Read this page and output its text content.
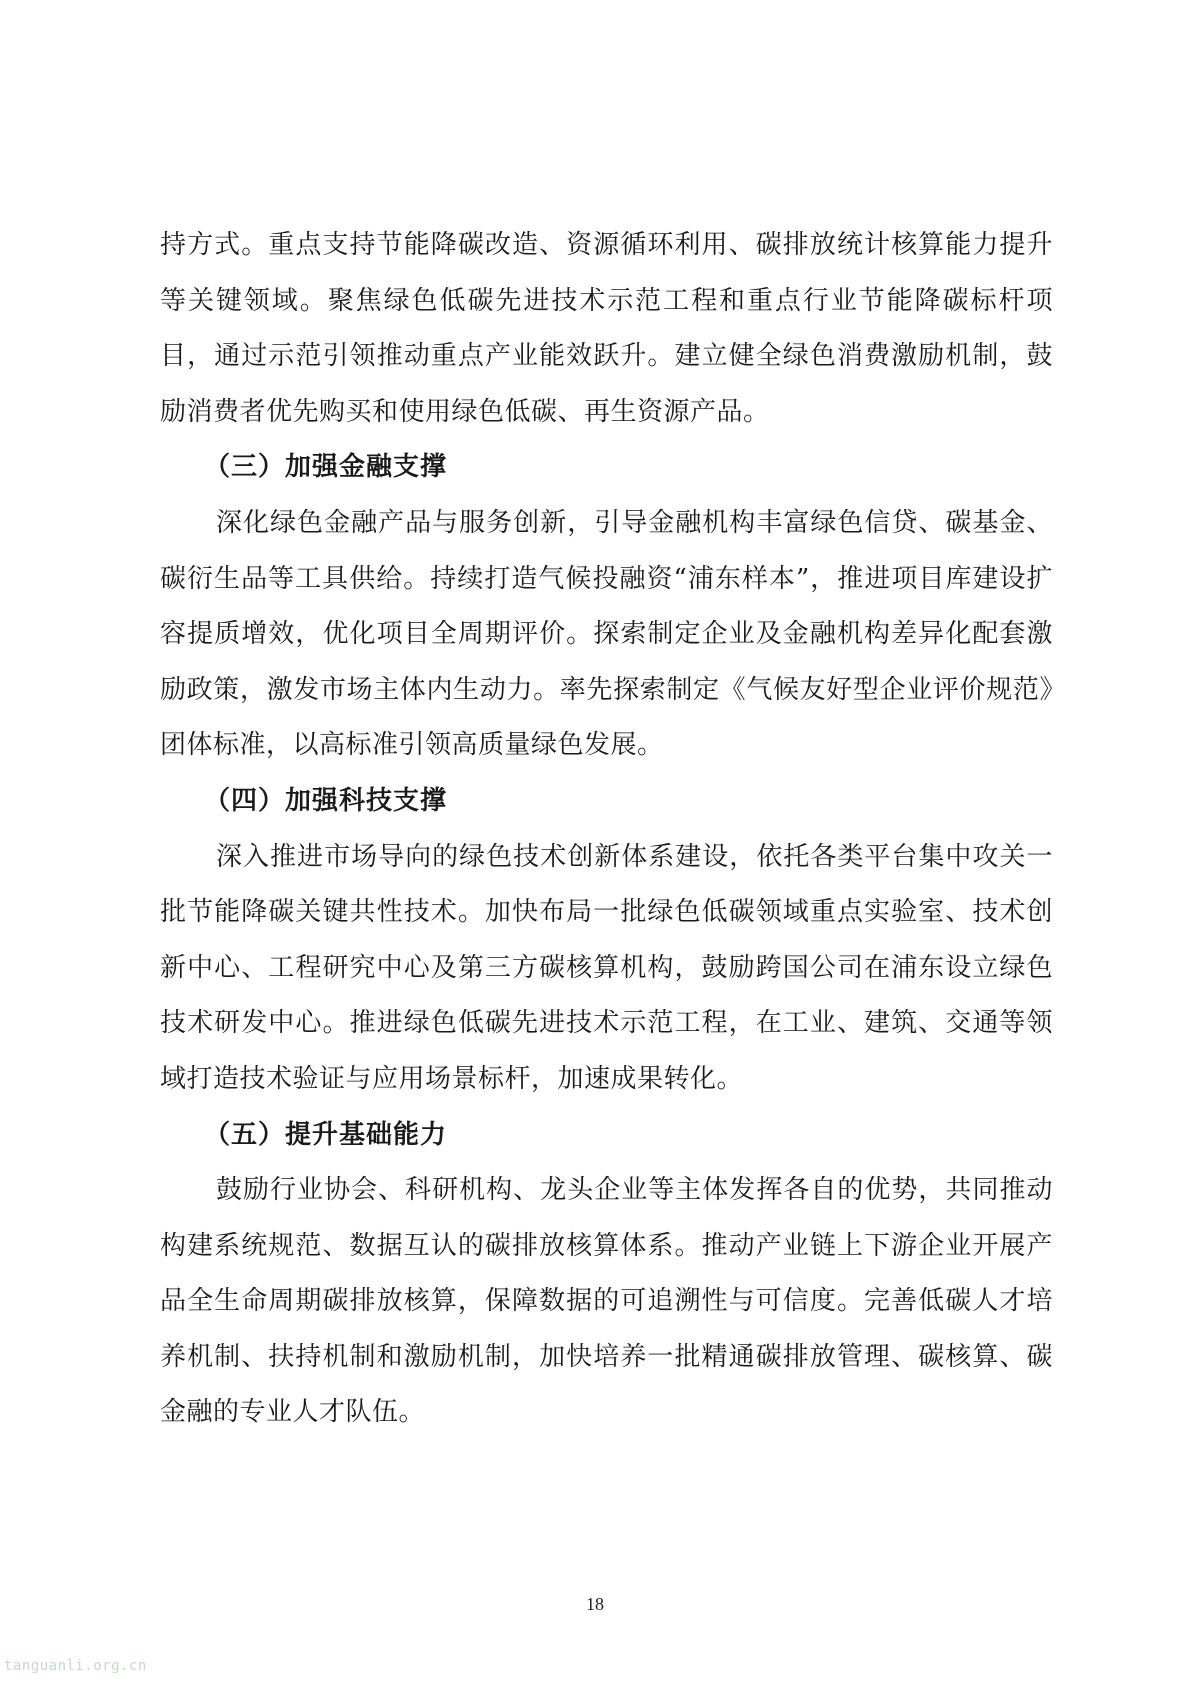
持方式。重点支持节能降碳改造、资源循环利用、碳排放统计核算能力提升等关键领域。聚焦绿色低碳先进技术示范工程和重点行业节能降碳标杆项目，通过示范引领推动重点产业能效跃升。建立健全绿色消费激励机制，鼓励消费者优先购买和使用绿色低碳、再生资源产品。

（三）加强金融支撑

深化绿色金融产品与服务创新，引导金融机构丰富绿色信贷、碳基金、碳衍生品等工具供给。持续打造气候投融资“浦东样本”，推进项目库建设扩容提质增效，优化项目全周期评价。探索制定企业及金融机构差异化配套激励政策，激发市场主体内生动力。率先探索制定《气候友好型企业评价规范》团体标准，以高标准引领高质量绿色发展。

（四）加强科技支撑

深入推进市场导向的绿色技术创新体系建设，依托各类平台集中攻关一批节能降碳关键共性技术。加快布局一批绿色低碳领域重点实验室、技术创新中心、工程研究中心及第三方碳核算机构，鼓励跨国公司在浦东设立绿色技术研发中心。推进绿色低碳先进技术示范工程，在工业、建筑、交通等领域打造技术验证与应用场景标杆，加速成果转化。

（五）提升基础能力

鼓励行业协会、科研机构、龙头企业等主体发挥各自的优势，共同推动构建系统规范、数据互认的碳排放核算体系。推动产业链上下游企业开展产品全生命周期碳排放核算，保障数据的可追溯性与可信度。完善低碳人才培养机制、扶持机制和激励机制，加快培养一批精通碳排放管理、碳核算、碳金融的专业人才队伍。

18
tanguanli.org.cn
